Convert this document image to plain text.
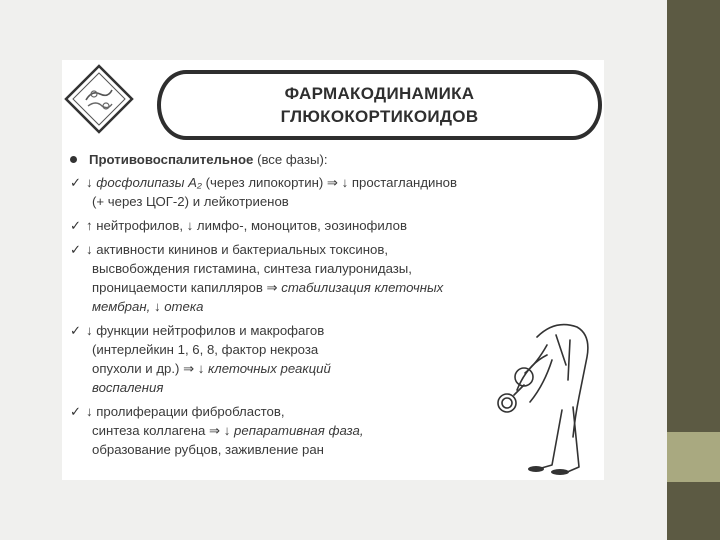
ФАРМАКОДИНАМИКА
ГЛЮКОКОРТИКОИДОВ
Противовоспалительное (все фазы):
✓ ↓ фосфолипазы А₂ (через липокортин) ⇒ ↓ простагландинов
(+ через ЦОГ-2) и лейкотриенов
✓ ↑ нейтрофилов, ↓ лимфо-, моноцитов, эозинофилов
✓ ↓ активности кининов и бактериальных токсинов,
высвобождения гистамина, синтеза гиалуронидазы,
проницаемости капилляров ⇒ стабилизация клеточных
мембран, ↓ отека
✓ ↓ функции нейтрофилов и макрофагов
(интерлейкин 1, 6, 8, фактор некроза
опухоли и др.) ⇒ ↓ клеточных реакций
воспаления
✓ ↓ пролиферации фибробластов,
синтеза коллагена ⇒ ↓ репаративная фаза,
образование рубцов, заживление ран
